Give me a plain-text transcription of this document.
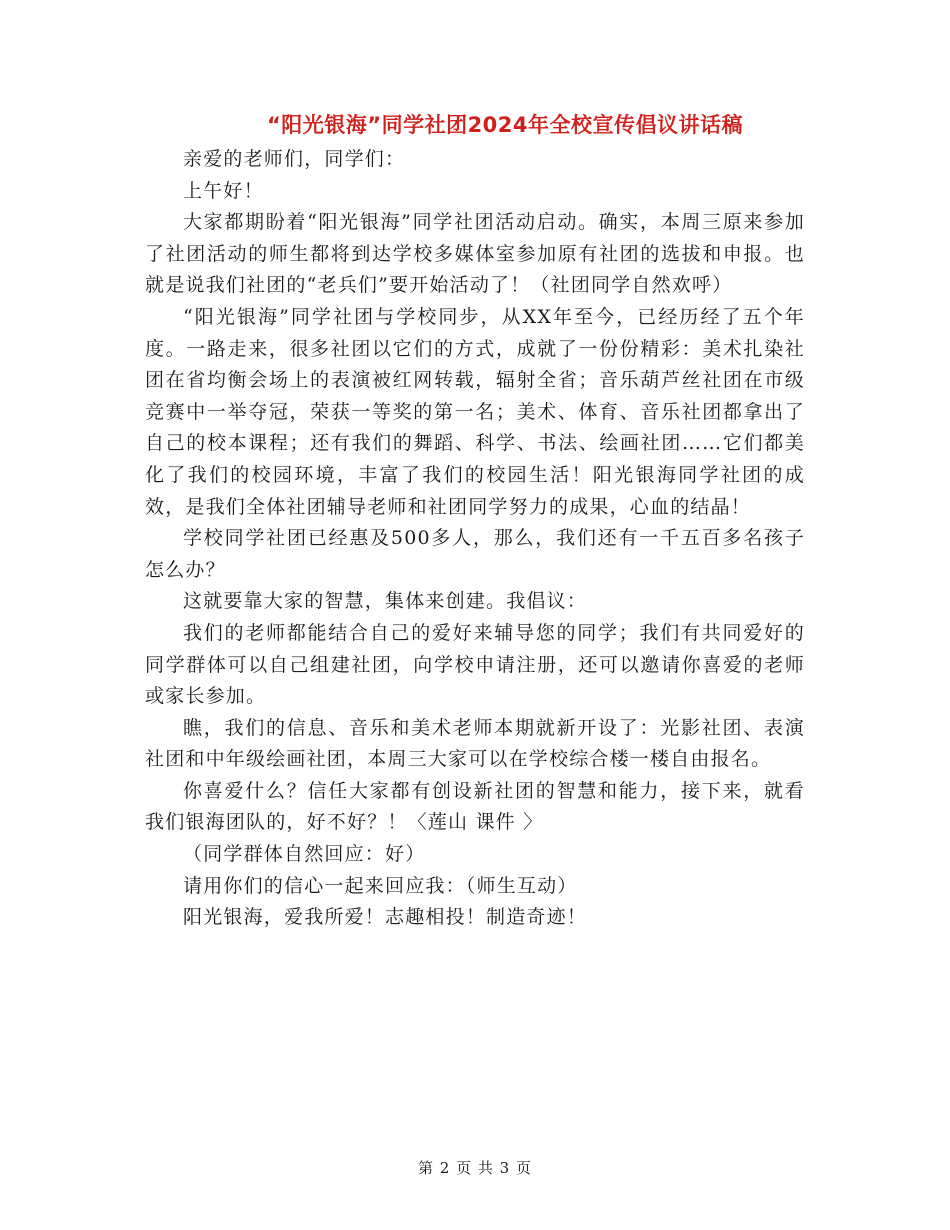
“阳光银海”同学社团2024年全校宣传倡议讲话稿

亲爱的老师们，同学们：

上午好！

大家都期盼着“阳光银海”同学社团活动启动。确实，本周三原来参加了社团活动的师生都将到达学校多媒体室参加原有社团的选拔和申报。也就是说我们社团的“老兵们”要开始活动了！（社团同学自然欢呼）

“阳光银海”同学社团与学校同步，从XX年至今，已经历经了五个年度。一路走来，很多社团以它们的方式，成就了一份份精彩：美术扎染社团在省均衡会场上的表演被红网转载，辐射全省；音乐葫芦丝社团在市级竞赛中一举夺冠，荣获一等奖的第一名；美术、体育、音乐社团都拿出了自己的校本课程；还有我们的舞蹈、科学、书法、绘画社团……它们都美化了我们的校园环境，丰富了我们的校园生活！阳光银海同学社团的成效，是我们全体社团辅导老师和社团同学努力的成果，心血的结晶！

学校同学社团已经惠及500多人，那么，我们还有一千五百多名孩子怎么办？

这就要靠大家的智慧，集体来创建。我倡议：

我们的老师都能结合自己的爱好来辅导您的同学；我们有共同爱好的同学群体可以自己组建社团，向学校申请注册，还可以邀请你喜爱的老师或家长参加。

瞧，我们的信息、音乐和美术老师本期就新开设了：光影社团、表演社团和中年级绘画社团，本周三大家可以在学校综合楼一楼自由报名。

你喜爱什么？信任大家都有创设新社团的智慧和能力，接下来，就看我们银海团队的，好不好？！〈莲山 课件 〉

（同学群体自然回应：好）

请用你们的信心一起来回应我：（师生互动）

阳光银海，爱我所爱！志趣相投！制造奇迹！

第 2 页 共 3 页
